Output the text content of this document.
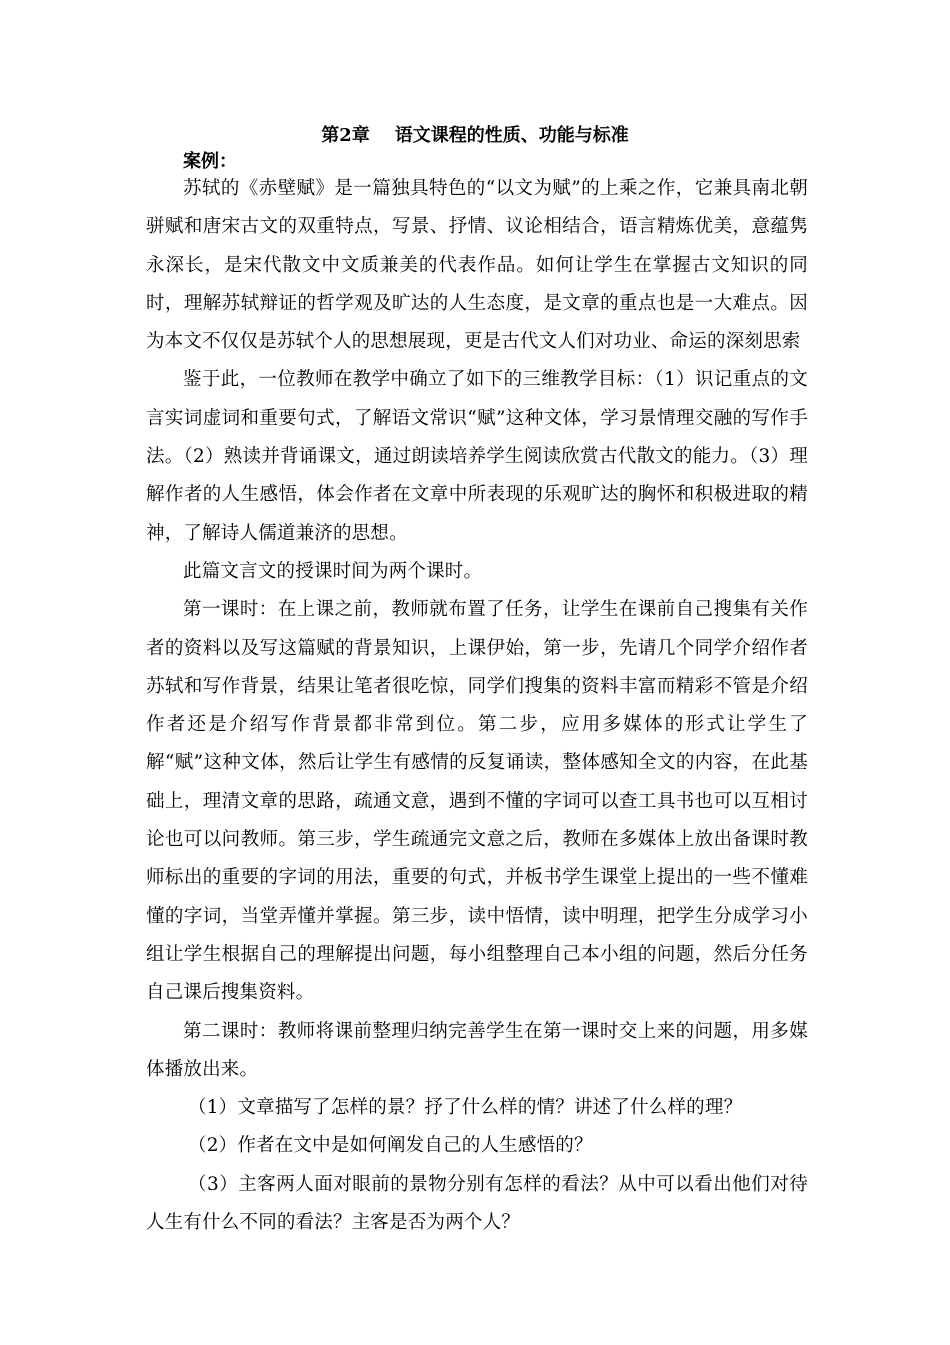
第2章    语文课程的性质、功能与标准
案例：

苏轼的《赤壁赋》是一篇独具特色的“以文为赋”的上乘之作，它兼具南北朝骈赋和唐宋古文的双重特点，写景、抒情、议论相结合，语言精炼优美，意蕴隽永深长，是宋代散文中文质兼美的代表作品。如何让学生在掌握古文知识的同时，理解苏轼辩证的哲学观及旷达的人生态度，是文章的重点也是一大难点。因为本文不仅仅是苏轼个人的思想展现，更是古代文人们对功业、命运的深刻思索

鉴于此，一位教师在教学中确立了如下的三维教学目标：（1）识记重点的文言实词虚词和重要句式，了解语文常识“赋”这种文体，学习景情理交融的写作手法。（2）熟读并背诵课文，通过朗读培养学生阅读欣赏古代散文的能力。（3）理解作者的人生感悟，体会作者在文章中所表现的乐观旷达的胸怀和积极进取的精神，了解诗人儒道兼济的思想。

此篇文言文的授课时间为两个课时。

第一课时：在上课之前，教师就布置了任务，让学生在课前自己搜集有关作者的资料以及写这篇赋的背景知识，上课伊始，第一步，先请几个同学介绍作者苏轼和写作背景，结果让笔者很吃惊，同学们搜集的资料丰富而精彩不管是介绍作者还是介绍写作背景都非常到位。第二步，应用多媒体的形式让学生了解“赋”这种文体，然后让学生有感情的反复诵读，整体感知全文的内容，在此基础上，理清文章的思路，疏通文意，遇到不懂的字词可以查工具书也可以互相讨论也可以问教师。第三步，学生疏通完文意之后，教师在多媒体上放出备课时教师标出的重要的字词的用法，重要的句式，并板书学生课堂上提出的一些不懂难懂的字词，当堂弄懂并掌握。第三步，读中悟情，读中明理，把学生分成学习小组让学生根据自己的理解提出问题，每小组整理自己本小组的问题，然后分任务自己课后搜集资料。

第二课时：教师将课前整理归纳完善学生在第一课时交上来的问题，用多媒体播放出来。

（1）文章描写了怎样的景？抒了什么样的情？讲述了什么样的理？

（2）作者在文中是如何阐发自己的人生感悟的？

（3）主客两人面对眼前的景物分别有怎样的看法？从中可以看出他们对待人生有什么不同的看法？主客是否为两个人？
